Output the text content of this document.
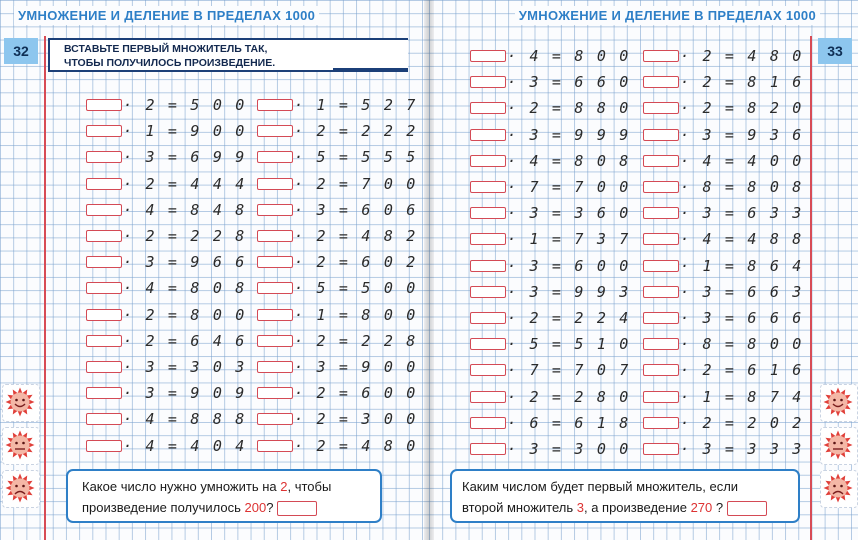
УМНОЖЕНИЕ И ДЕЛЕНИЕ В ПРЕДЕЛАХ 1000	УМНОЖЕНИЕ И ДЕЛЕНИЕ В ПРЕДЕЛАХ 1000
32	33
ВСТАВЬТЕ ПЕРВЫЙ МНОЖИТЕЛЬ ТАК,
ЧТОБЫ ПОЛУЧИЛОСЬ ПРОИЗВЕДЕНИЕ.
· 2 = 5 0 0
· 1 = 9 0 0
· 3 = 6 9 9
· 2 = 4 4 4
· 4 = 8 4 8
· 2 = 2 2 8
· 3 = 9 6 6
· 4 = 8 0 8
· 2 = 8 0 0
· 2 = 6 4 6
· 3 = 3 0 3
· 3 = 9 0 9
· 4 = 8 8 8
· 4 = 4 0 4
· 1 = 5 2 7
· 2 = 2 2 2
· 5 = 5 5 5
· 2 = 7 0 0
· 3 = 6 0 6
· 2 = 4 8 2
· 2 = 6 0 2
· 5 = 5 0 0
· 1 = 8 0 0
· 2 = 2 2 8
· 3 = 9 0 0
· 2 = 6 0 0
· 2 = 3 0 0
· 2 = 4 8 0
· 4 = 8 0 0
· 3 = 6 6 0
· 2 = 8 8 0
· 3 = 9 9 9
· 4 = 8 0 8
· 7 = 7 0 0
· 3 = 3 6 0
· 1 = 7 3 7
· 3 = 6 0 0
· 3 = 9 9 3
· 2 = 2 2 4
· 5 = 5 1 0
· 7 = 7 0 7
· 2 = 2 8 0
· 6 = 6 1 8
· 3 = 3 0 0
· 2 = 4 8 0
· 2 = 8 1 6
· 2 = 8 2 0
· 3 = 9 3 6
· 4 = 4 0 0
· 8 = 8 0 8
· 3 = 6 3 3
· 4 = 4 8 8
· 1 = 8 6 4
· 3 = 6 6 3
· 3 = 6 6 6
· 8 = 8 0 0
· 2 = 6 1 6
· 1 = 8 7 4
· 2 = 2 0 2
· 3 = 3 3 3
Какое число нужно умножить на 2, чтобы
произведение получилось 200?
Каким числом будет первый множитель, если
второй множитель 3, а произведение 270 ?
